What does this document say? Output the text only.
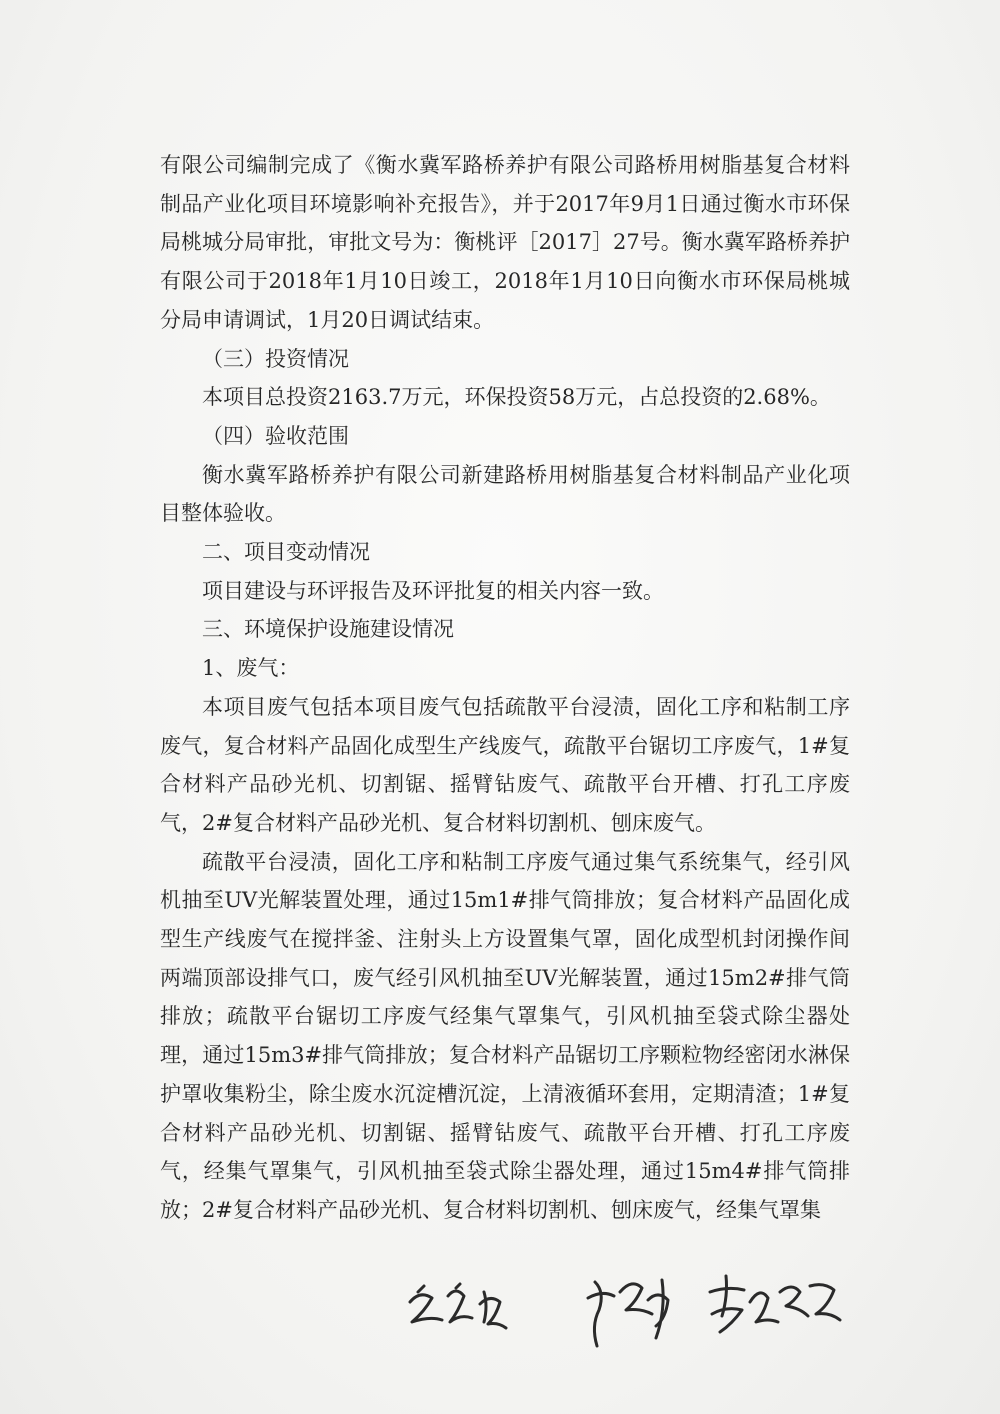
有限公司编制完成了《衡水冀军路桥养护有限公司路桥用树脂基复合材料制品产业化项目环境影响补充报告》，并于2017年9月1日通过衡水市环保局桃城分局审批，审批文号为：衡桃评［2017］27号。衡水冀军路桥养护有限公司于2018年1月10日竣工，2018年1月10日向衡水市环保局桃城分局申请调试，1月20日调试结束。

（三）投资情况

本项目总投资2163.7万元，环保投资58万元，占总投资的2.68%。

（四）验收范围

衡水冀军路桥养护有限公司新建路桥用树脂基复合材料制品产业化项目整体验收。

二、项目变动情况

项目建设与环评报告及环评批复的相关内容一致。

三、环境保护设施建设情况

1、废气：

本项目废气包括本项目废气包括疏散平台浸渍，固化工序和粘制工序废气，复合材料产品固化成型生产线废气，疏散平台锯切工序废气，1#复合材料产品砂光机、切割锯、摇臂钻废气、疏散平台开槽、打孔工序废气，2#复合材料产品砂光机、复合材料切割机、刨床废气。

疏散平台浸渍，固化工序和粘制工序废气通过集气系统集气，经引风机抽至UV光解装置处理，通过15m1#排气筒排放；复合材料产品固化成型生产线废气在搅拌釜、注射头上方设置集气罩，固化成型机封闭操作间两端顶部设排气口，废气经引风机抽至UV光解装置，通过15m2#排气筒排放；疏散平台锯切工序废气经集气罩集气，引风机抽至袋式除尘器处理，通过15m3#排气筒排放；复合材料产品锯切工序颗粒物经密闭水淋保护罩收集粉尘，除尘废水沉淀槽沉淀，上清液循环套用，定期清渣；1#复合材料产品砂光机、切割锯、摇臂钻废气、疏散平台开槽、打孔工序废气，经集气罩集气，引风机抽至袋式除尘器处理，通过15m4#排气筒排放；2#复合材料产品砂光机、复合材料切割机、刨床废气，经集气罩集
